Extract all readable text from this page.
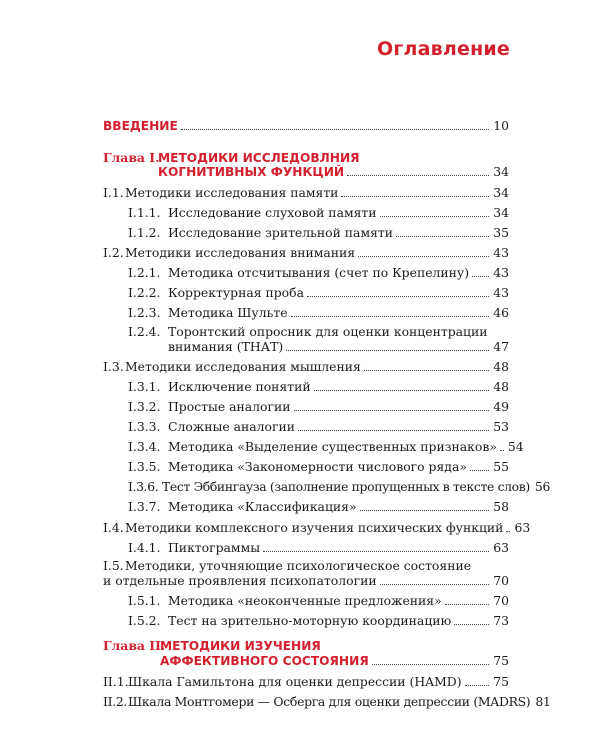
Оглавление
ВВЕДЕНИЕ	10
Глава I.
МЕТОДИКИ ИССЛЕДОВЛНИЯ
КОГНИТИВНЫХ ФУНКЦИЙ	34
I.1.Методики исследования памяти	34
I.1.1. Исследование слуховой памяти	34
I.1.2. Исследование зрительной памяти	35
I.2.Методики исследования внимания	43
I.2.1. Методика отсчитывания (счет по Крепелину) 43
I.2.2. Корректурная проба	43
I.2.3. Методика Шульте	46
I.2.4. Торонтский опросник для оценки концентрации
внимания (ТНАТ)	47
I.3.Методики исследования мышления	48
I.3.1. Исключение понятий	48
I.3.2. Простые аналогии	49
I.3.3. Сложные аналогии	53
I.3.4. Методика «Выделение существенных признаков» 54
I.3.5. Методика «Закономерности числового ряда» 55
I.3.6. Тест Эббингауза (заполнение пропущенных в тексте слов) 56
I.3.7. Методика «Классификация»	58
I.4.Методики комплексного изучения психических функций 63
I.4.1. Пиктограммы	63
I.5.Методики, уточняющие психологическое состояние
и отдельные проявления психопатологии	70
I.5.1. Методика «неоконченные предложения»	70
I.5.2. Тест на зрительно-моторную координацию	73
Глава II.
МЕТОДИКИ ИЗУЧЕНИЯ
АФФЕКТИВНОГО СОСТОЯНИЯ	75
II.1.Шкала Гамильтона для оценки депрессии (HAMD)	75
II.2.Шкала Монтгомери — Осберга для оценки депрессии (MADRS) 81
